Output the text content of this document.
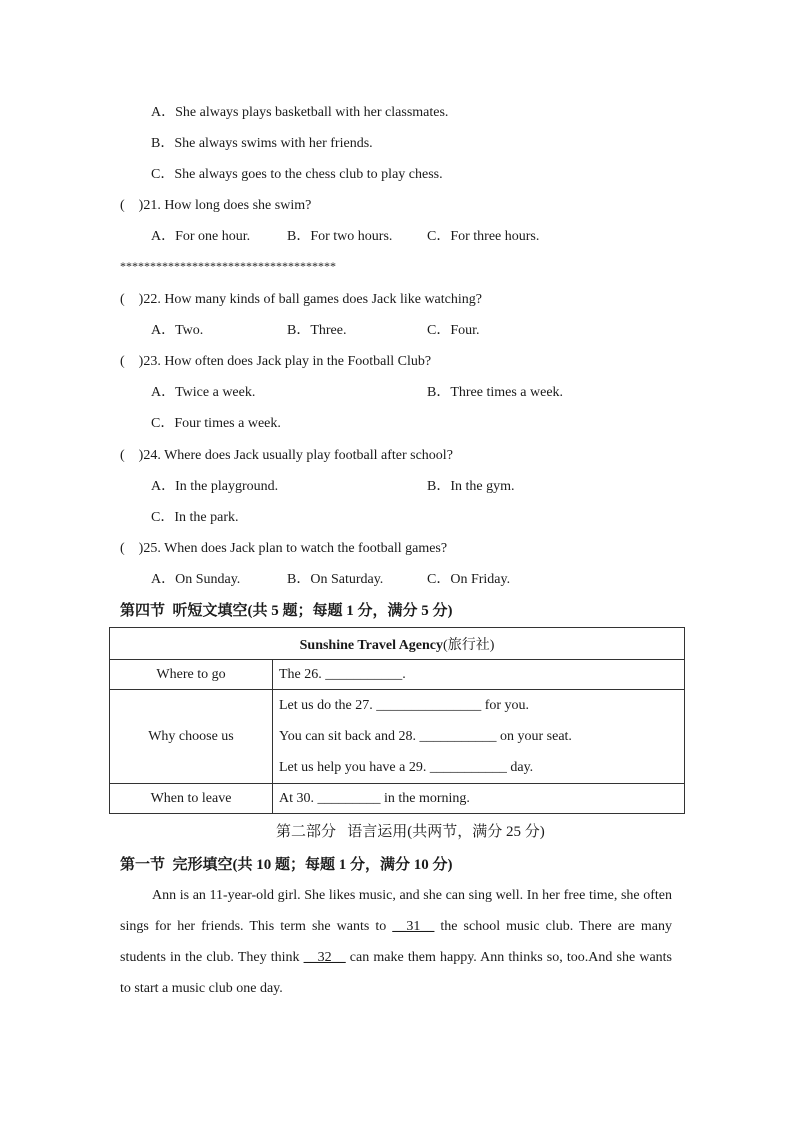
A．She always plays basketball with her classmates.
B．She always swims with her friends.
C．She always goes to the chess club to play chess.
(　)21. How long does she swim?
A．For one hour.	B．For two hours. C．For three hours.
************************************
(　)22. How many kinds of ball games does Jack like watching?
A．Two.	B．Three.	C．Four.
(　)23. How often does Jack play in the Football Club?
A．Twice a week.	B．Three times a week.
C．Four times a week.
(　)24. Where does Jack usually play football after school?
A．In the playground.	B．In the gym.
C．In the park.
(　)25. When does Jack plan to watch the football games?
A．On Sunday.	B．On Saturday.	C．On Friday.
第四节  听短文填空(共 5 题；每题 1 分，满分 5 分)
Sunshine Travel Agency(旅行社)	
Where to go	The 26. ___________.
Why choose us	Let us do the 27. _______________ for you.
You can sit back and 28. ___________ on your seat.
Let us help you have a 29. ___________ day.

When to leave	At 30. _________ in the morning.
第二部分   语言运用(共两节，满分 25 分)
第一节  完形填空(共 10 题；每题 1 分，满分 10 分)
Ann is an 11-year-old girl. She likes music, and she can sing well. In her free time, she often sings for her friends. This term she wants to __31__ the school music club. There are many students in the club. They think __32__ can make them happy. Ann thinks so, too.And she wants to start a music club one day.
